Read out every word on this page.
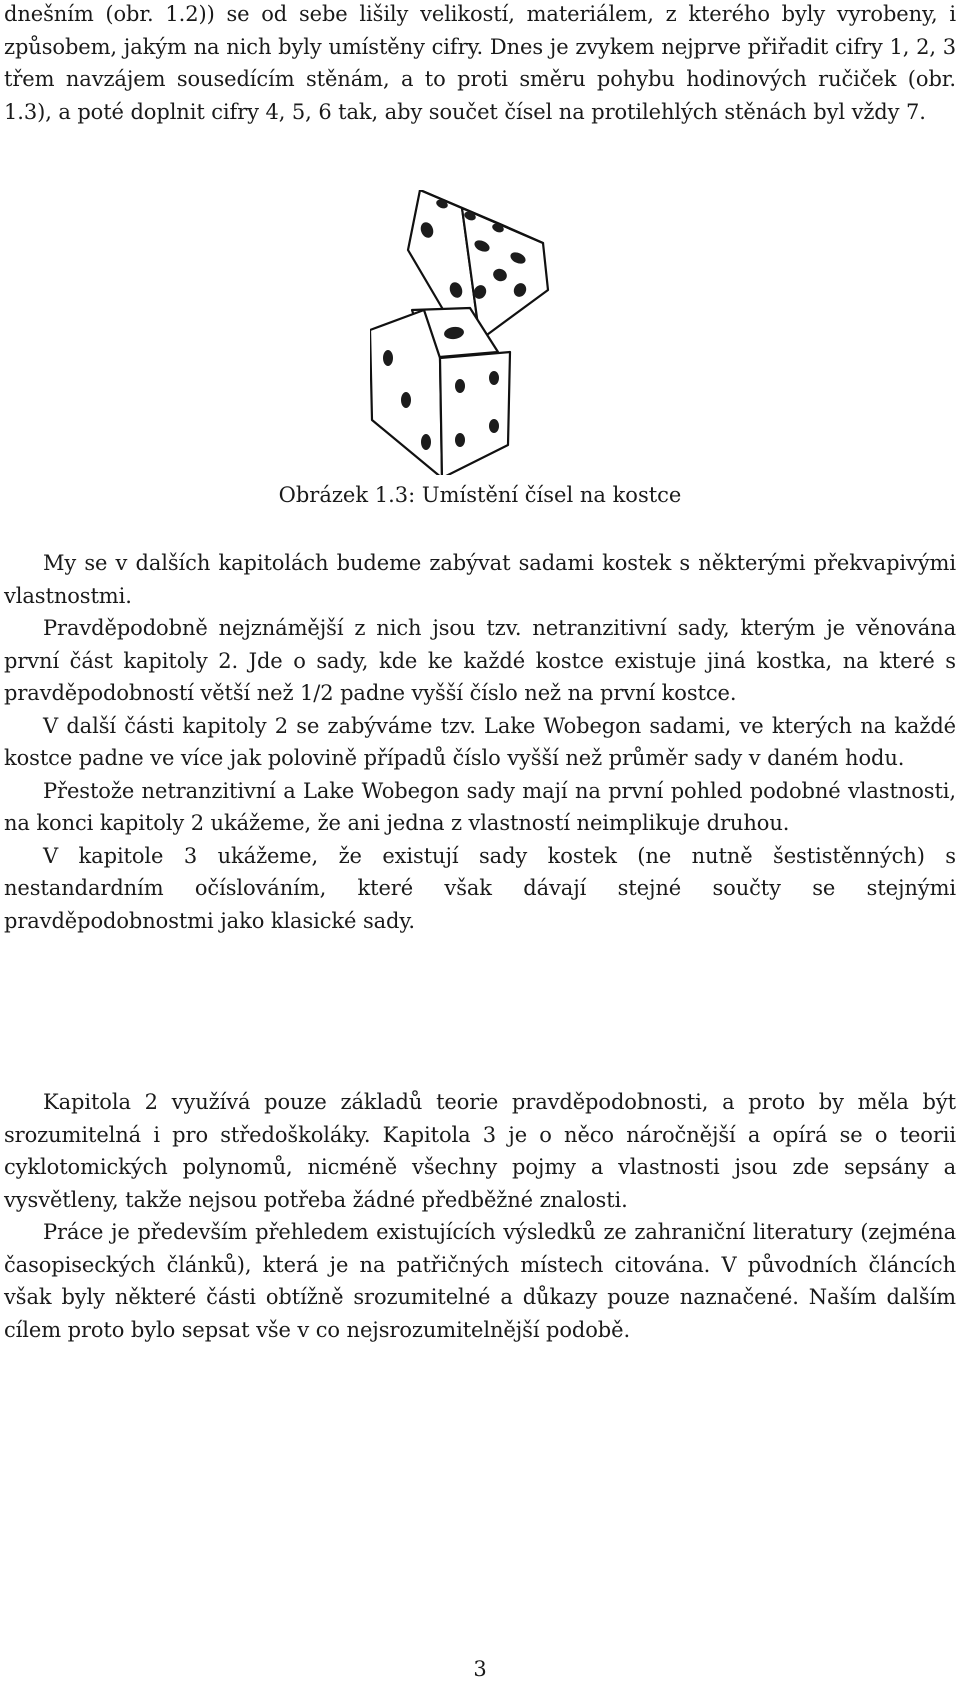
dnešním (obr. 1.2)) se od sebe lišily velikostí, materiálem, z kterého byly vyrobeny, i způsobem, jakým na nich byly umístěny cifry. Dnes je zvykem nejprve přiřadit cifry 1, 2, 3 třem navzájem sousedícím stěnám, a to proti směru pohybu hodinových ručiček (obr. 1.3), a poté doplnit cifry 4, 5, 6 tak, aby součet čísel na protilehlých stěnách byl vždy 7.

Obrázek 1.3: Umístění čísel na kostce

My se v dalších kapitolách budeme zabývat sadami kostek s některými překvapivými vlastnostmi.

Pravděpodobně nejznámější z nich jsou tzv. netranzitivní sady, kterým je věnována první část kapitoly 2. Jde o sady, kde ke každé kostce existuje jiná kostka, na které s pravděpodobností větší než 1/2 padne vyšší číslo než na první kostce.

V další části kapitoly 2 se zabýváme tzv. Lake Wobegon sadami, ve kterých na každé kostce padne ve více jak polovině případů číslo vyšší než průměr sady v daném hodu.

Přestože netranzitivní a Lake Wobegon sady mají na první pohled podobné vlastnosti, na konci kapitoly 2 ukážeme, že ani jedna z vlastností neimplikuje druhou.

V kapitole 3 ukážeme, že existují sady kostek (ne nutně šestistěnných) s nestandardním očíslováním, které však dávají stejné součty se stejnými pravděpodobnostmi jako klasické sady.

Kapitola 2 využívá pouze základů teorie pravděpodobnosti, a proto by měla být srozumitelná i pro středoškoláky. Kapitola 3 je o něco náročnější a opírá se o teorii cyklotomických polynomů, nicméně všechny pojmy a vlastnosti jsou zde sepsány a vysvětleny, takže nejsou potřeba žádné předběžné znalosti.

Práce je především přehledem existujících výsledků ze zahraniční literatury (zejména časopiseckých článků), která je na patřičných místech citována. V původních článcích však byly některé části obtížně srozumitelné a důkazy pouze naznačené. Naším dalším cílem proto bylo sepsat vše v co nejsrozumitelnější podobě.

3
